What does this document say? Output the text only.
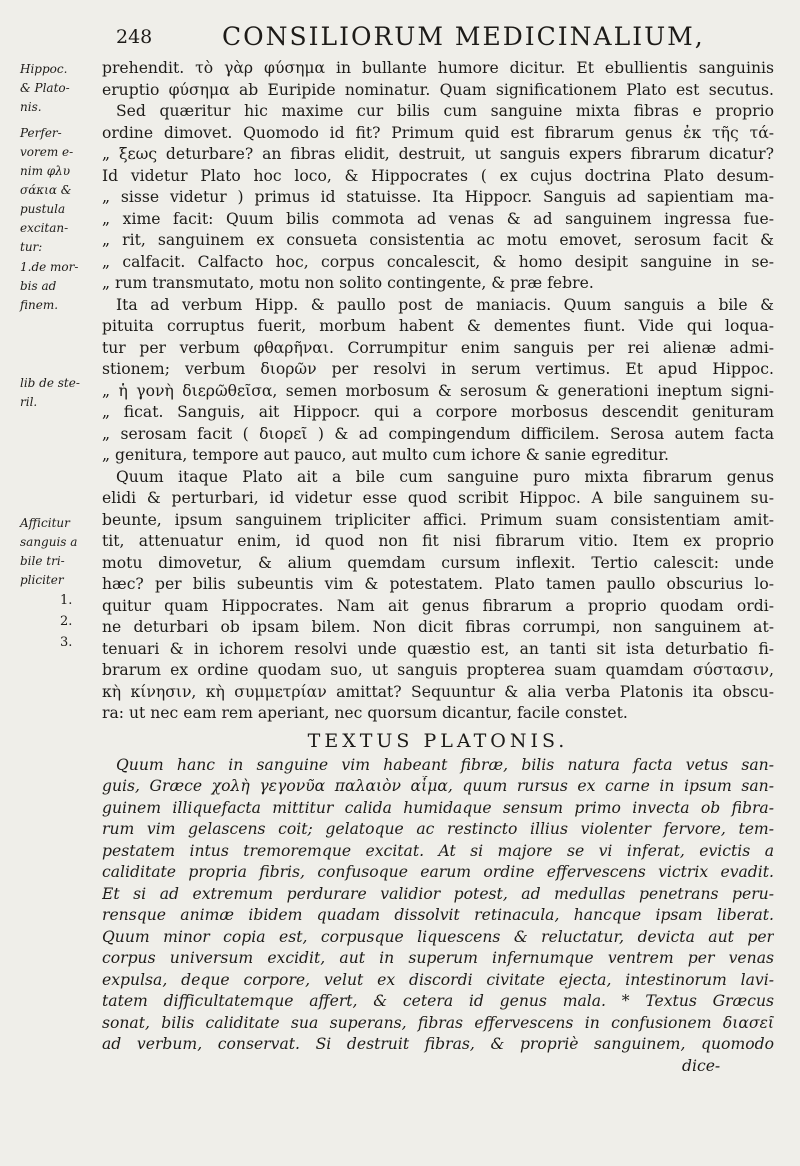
248	CONSILIORUM MEDICINALIUM,
Hippoc.
& Plato-
nis.
Perfer-
vorem e-
nim φλυ
σάκια &
pustula
excitan-
tur:
1.de mor-
bis ad
finem.
lib de ste-
ril.
Afficitur
sanguis a
bile tri-
pliciter
1.
2.
3.
prehendit. τὸ γὰρ φύσημα in bullante humore dicitur. Et ebullientis sanguinis
eruptio φύσημα ab Euripide nominatur. Quam significationem Plato est secutus.
Sed quæritur hic maxime cur bilis cum sanguine mixta fibras e proprio
ordine dimovet. Quomodo id fit? Primum quid est fibrarum genus ἐκ τῆς τά-
„ ξεως deturbare? an fibras elidit, destruit, ut sanguis expers fibrarum dicatur?
Id videtur Plato hoc loco, & Hippocrates ( ex cujus doctrina Plato desum-
„ sisse videtur ) primus id statuisse. Ita Hippocr. Sanguis ad sapientiam ma-
„ xime facit: Quum bilis commota ad venas & ad sanguinem ingressa fue-
„ rit, sanguinem ex consueta consistentia ac motu emovet, serosum facit &
„ calfacit. Calfacto hoc, corpus concalescit, & homo desipit sanguine in se-
„ rum transmutato, motu non solito contingente, & præ febre.
Ita ad verbum Hipp. & paullo post de maniacis. Quum sanguis a bile &
pituita corruptus fuerit, morbum habent & dementes fiunt. Vide qui loqua-
tur per verbum φθαρῆναι. Corrumpitur enim sanguis per rei alienæ admi-
stionem; verbum διορῶν per resolvi in serum vertimus. Et apud Hippoc.
„ ἡ γονὴ διερῶθεῖσα, semen morbosum & serosum & generationi ineptum signi-
„ ficat. Sanguis, ait Hippocr. qui a corpore morbosus descendit genituram
„ serosam facit ( διορεῖ ) & ad compingendum difficilem. Serosa autem facta
„ genitura, tempore aut pauco, aut multo cum ichore & sanie egreditur.
Quum itaque Plato ait a bile cum sanguine puro mixta fibrarum genus
elidi & perturbari, id videtur esse quod scribit Hippoc. A bile sanguinem su-
beunte, ipsum sanguinem tripliciter affici. Primum suam consistentiam amit-
tit, attenuatur enim, id quod non fit nisi fibrarum vitio. Item ex proprio
motu dimovetur, & alium quemdam cursum inflexit. Tertio calescit: unde
hæc? per bilis subeuntis vim & potestatem. Plato tamen paullo obscurius lo-
quitur quam Hippocrates. Nam ait genus fibrarum a proprio quodam ordi-
ne deturbari ob ipsam bilem. Non dicit fibras corrumpi, non sanguinem at-
tenuari & in ichorem resolvi unde quæstio est, an tanti sit ista deturbatio fi-
brarum ex ordine quodam suo, ut sanguis propterea suam quamdam σύστασιν,
κὴ κίνησιν, κὴ συμμετρίαν amittat? Sequuntur & alia verba Platonis ita obscu-
ra: ut nec eam rem aperiant, nec quorsum dicantur, facile constet.
TEXTUS PLATONIS.
Quum hanc in sanguine vim habeant fibræ, bilis natura facta vetus san-
guis, Græce χολὴ γεγονῦα παλαιὸν αἷμα, quum rursus ex carne in ipsum san-
guinem illiquefacta mittitur calida humidaque sensum primo invecta ob fibra-
rum vim gelascens coit; gelatoque ac restincto illius violenter fervore, tem-
pestatem intus tremoremque excitat. At si majore se vi inferat, evictis a
caliditate propria fibris, confusoque earum ordine effervescens victrix evadit.
Et si ad extremum perdurare validior potest, ad medullas penetrans peru-
rensque animæ ibidem quadam dissolvit retinacula, hancque ipsam liberat.
Quum minor copia est, corpusque liquescens & reluctatur, devicta aut per
corpus universum excidit, aut in superum infernumque ventrem per venas
expulsa, deque corpore, velut ex discordi civitate ejecta, intestinorum lavi-
tatem difficultatemque affert, & cetera id genus mala. * Textus Græcus
sonat, bilis caliditate sua superans, fibras effervescens in confusionem διασεῖ
ad verbum, conservat. Si destruit fibras, & propriè sanguinem, quomodo
dice-
